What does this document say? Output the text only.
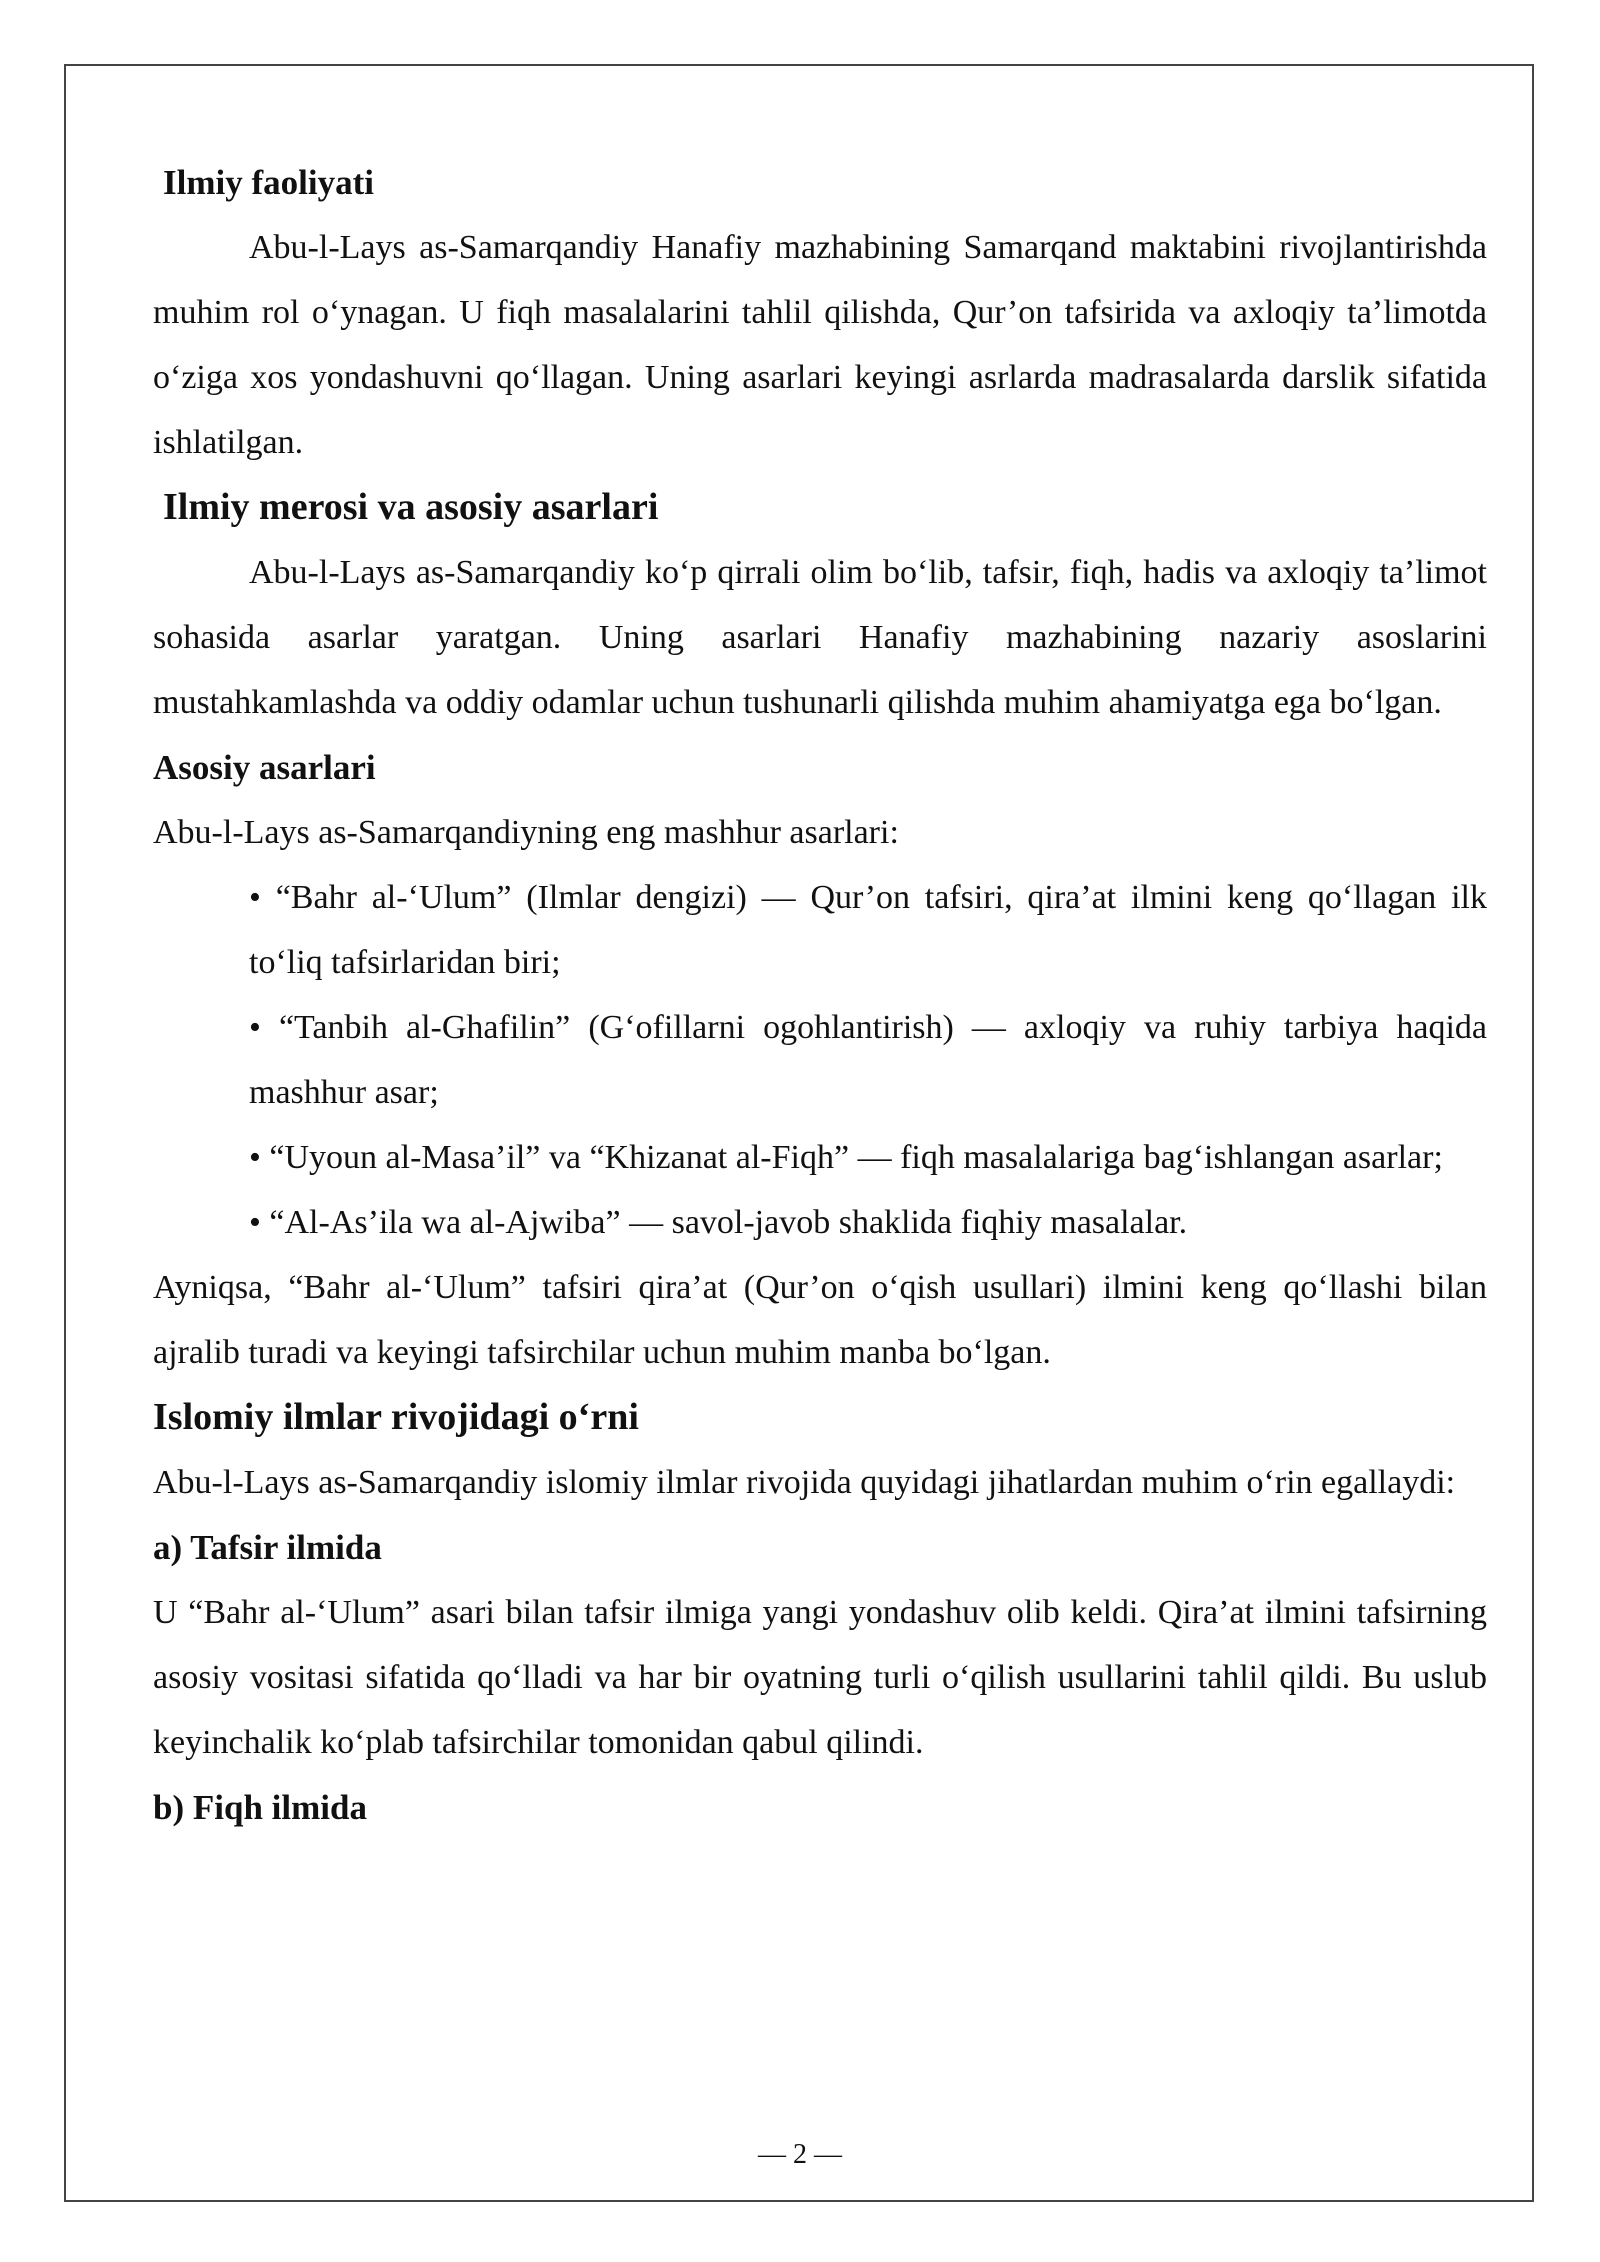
Ilmiy faoliyati

Abu-l-Lays as-Samarqandiy Hanafiy mazhabining Samarqand maktabini rivojlantirishda muhim rol o‘ynagan. U fiqh masalalarini tahlil qilishda, Qur’on tafsirida va axloqiy ta’limotda o‘ziga xos yondashuvni qo‘llagan. Uning asarlari keyingi asrlarda madrasalarda darslik sifatida ishlatilgan.

Ilmiy merosi va asosiy asarlari

Abu-l-Lays as-Samarqandiy ko‘p qirrali olim bo‘lib, tafsir, fiqh, hadis va axloqiy ta’limot sohasida asarlar yaratgan. Uning asarlari Hanafiy mazhabining nazariy asoslarini mustahkamlashda va oddiy odamlar uchun tushunarli qilishda muhim ahamiyatga ega bo‘lgan.

Asosiy asarlari

Abu-l-Lays as-Samarqandiyning eng mashhur asarlari:

• “Bahr al-‘Ulum” (Ilmlar dengizi) — Qur’on tafsiri, qira’at ilmini keng qo‘llagan ilk to‘liq tafsirlaridan biri;
• “Tanbih al-Ghafilin” (G‘ofillarni ogohlantirish) — axloqiy va ruhiy tarbiya haqida mashhur asar;
• “Uyoun al-Masa’il” va “Khizanat al-Fiqh” — fiqh masalalariga bag‘ishlangan asarlar;
• “Al-As’ila wa al-Ajwiba” — savol-javob shaklida fiqhiy masalalar.

Ayniqsa, “Bahr al-‘Ulum” tafsiri qira’at (Qur’on o‘qish usullari) ilmini keng qo‘llashi bilan ajralib turadi va keyingi tafsirchilar uchun muhim manba bo‘lgan.

Islomiy ilmlar rivojidagi o‘rni

Abu-l-Lays as-Samarqandiy islomiy ilmlar rivojida quyidagi jihatlardan muhim o‘rin egallaydi:

a) Tafsir ilmida

U “Bahr al-‘Ulum” asari bilan tafsir ilmiga yangi yondashuv olib keldi. Qira’at ilmini tafsirning asosiy vositasi sifatida qo‘lladi va har bir oyatning turli o‘qilish usullarini tahlil qildi. Bu uslub keyinchalik ko‘plab tafsirchilar tomonidan qabul qilindi.

b) Fiqh ilmida

— 2 —
